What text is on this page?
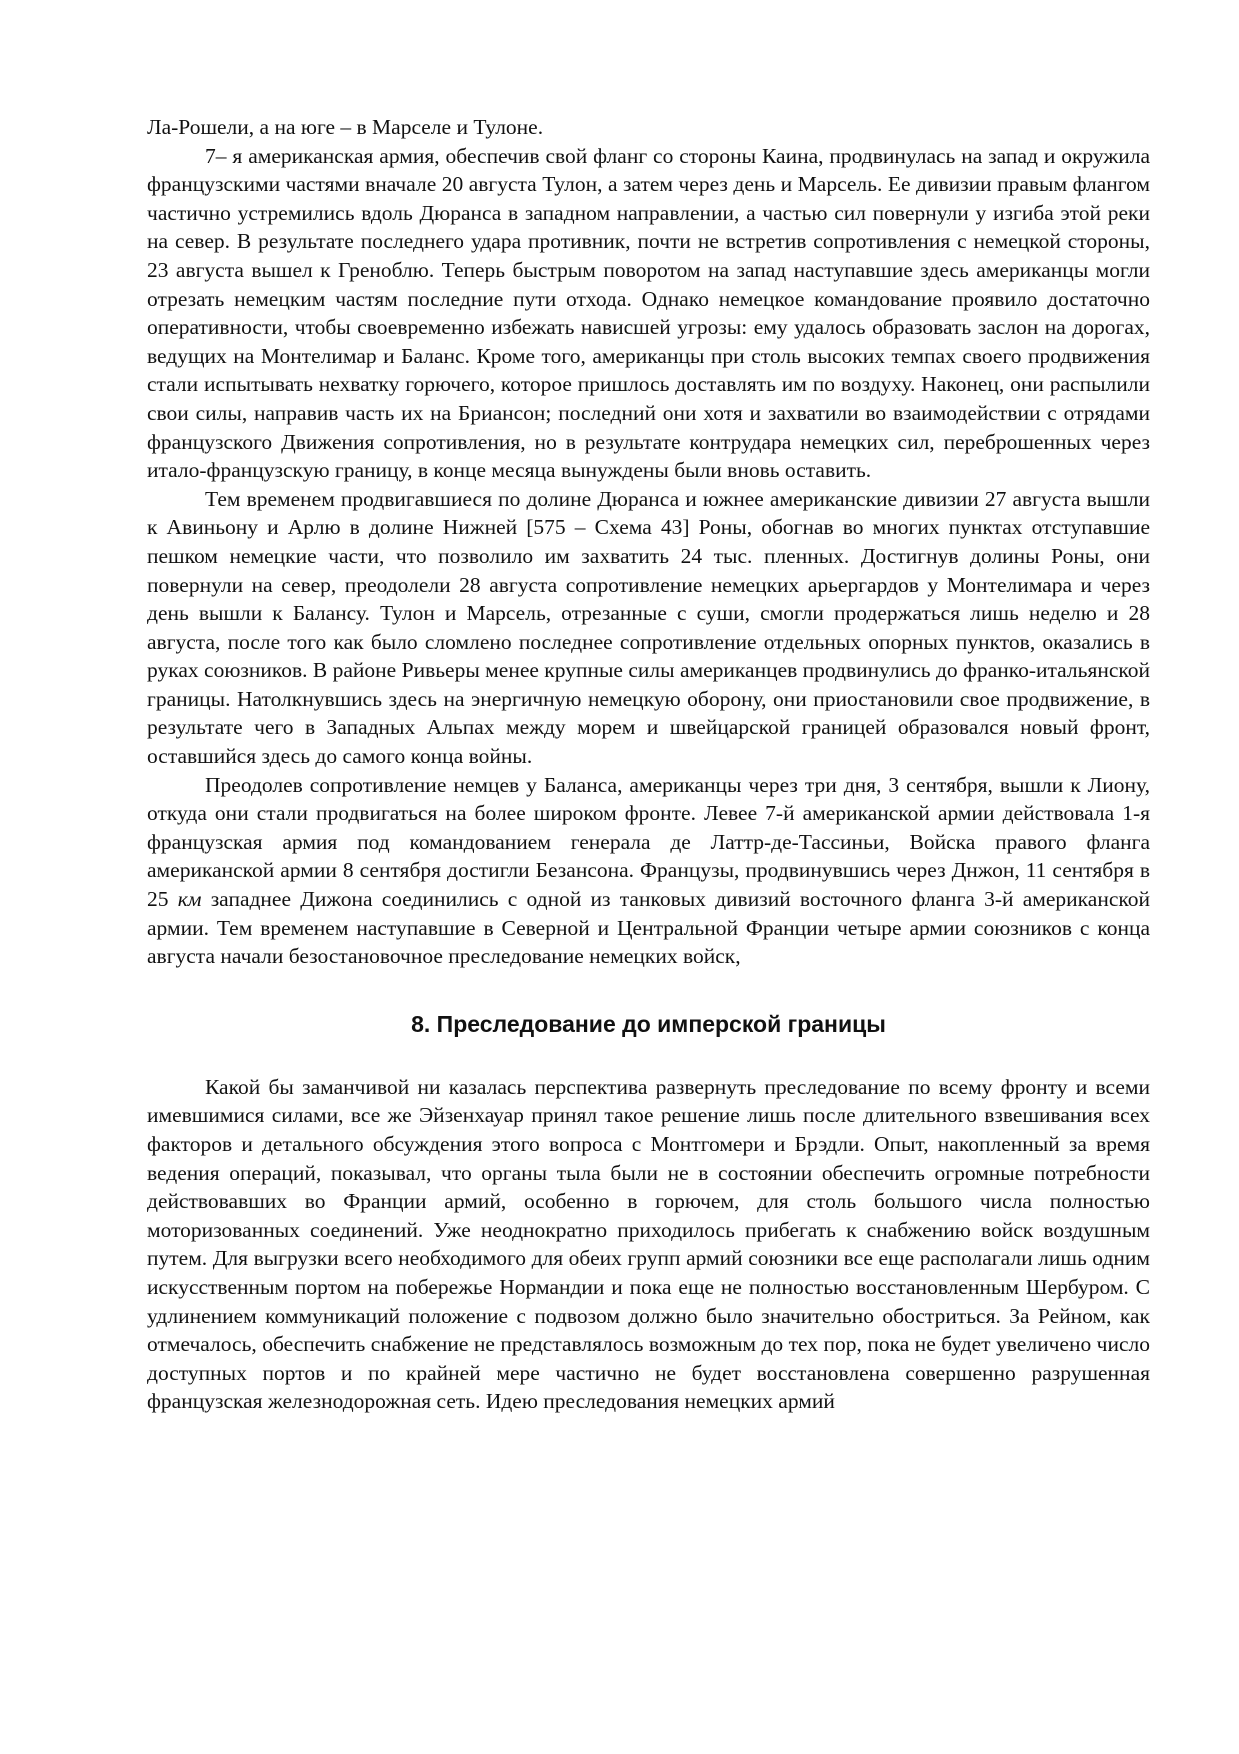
Ла-Рошели, а на юге – в Марселе и Тулоне.

7– я американская армия, обеспечив свой фланг со стороны Каина, продвинулась на запад и окружила французскими частями вначале 20 августа Тулон, а затем через день и Марсель. Ее дивизии правым флангом частично устремились вдоль Дюранса в западном направлении, а частью сил повернули у изгиба этой реки на север. В результате последнего удара противник, почти не встретив сопротивления с немецкой стороны, 23 августа вышел к Греноблю. Теперь быстрым поворотом на запад наступавшие здесь американцы могли отрезать немецким частям последние пути отхода. Однако немецкое командование проявило достаточно оперативности, чтобы своевременно избежать нависшей угрозы: ему удалось образовать заслон на дорогах, ведущих на Монтелимар и Баланс. Кроме того, американцы при столь высоких темпах своего продвижения стали испытывать нехватку горючего, которое пришлось доставлять им по воздуху. Наконец, они распылили свои силы, направив часть их на Бриансон; последний они хотя и захватили во взаимодействии с отрядами французского Движения сопротивления, но в результате контрудара немецких сил, переброшенных через итало-французскую границу, в конце месяца вынуждены были вновь оставить.

Тем временем продвигавшиеся по долине Дюранса и южнее американские дивизии 27 августа вышли к Авиньону и Арлю в долине Нижней [575 – Схема 43] Роны, обогнав во многих пунктах отступавшие пешком немецкие части, что позволило им захватить 24 тыс. пленных. Достигнув долины Роны, они повернули на север, преодолели 28 августа сопротивление немецких арьергардов у Монтелимара и через день вышли к Балансу. Тулон и Марсель, отрезанные с суши, смогли продержаться лишь неделю и 28 августа, после того как было сломлено последнее сопротивление отдельных опорных пунктов, оказались в руках союзников. В районе Ривьеры менее крупные силы американцев продвинулись до франко-итальянской границы. Натолкнувшись здесь на энергичную немецкую оборону, они приостановили свое продвижение, в результате чего в Западных Альпах между морем и швейцарской границей образовался новый фронт, оставшийся здесь до самого конца войны.

Преодолев сопротивление немцев у Баланса, американцы через три дня, 3 сентября, вышли к Лиону, откуда они стали продвигаться на более широком фронте. Левее 7-й американской армии действовала 1-я французская армия под командованием генерала де Латтр-де-Тассиньи, Войска правого фланга американской армии 8 сентября достигли Безансона. Французы, продвинувшись через Днжон, 11 сентября в 25 км западнее Дижона соединились с одной из танковых дивизий восточного фланга 3-й американской армии. Тем временем наступавшие в Северной и Центральной Франции четыре армии союзников с конца августа начали безостановочное преследование немецких войск,

8. Преследование до имперской границы

Какой бы заманчивой ни казалась перспектива развернуть преследование по всему фронту и всеми имевшимися силами, все же Эйзенхауар принял такое решение лишь после длительного взвешивания всех факторов и детального обсуждения этого вопроса с Монтгомери и Брэдли. Опыт, накопленный за время ведения операций, показывал, что органы тыла были не в состоянии обеспечить огромные потребности действовавших во Франции армий, особенно в горючем, для столь большого числа полностью моторизованных соединений. Уже неоднократно приходилось прибегать к снабжению войск воздушным путем. Для выгрузки всего необходимого для обеих групп армий союзники все еще располагали лишь одним искусственным портом на побережье Нормандии и пока еще не полностью восстановленным Шербуром. С удлинением коммуникаций положение с подвозом должно было значительно обостриться. За Рейном, как отмечалось, обеспечить снабжение не представлялось возможным до тех пор, пока не будет увеличено число доступных портов и по крайней мере частично не будет восстановлена совершенно разрушенная французская железнодорожная сеть. Идею преследования немецких армий
